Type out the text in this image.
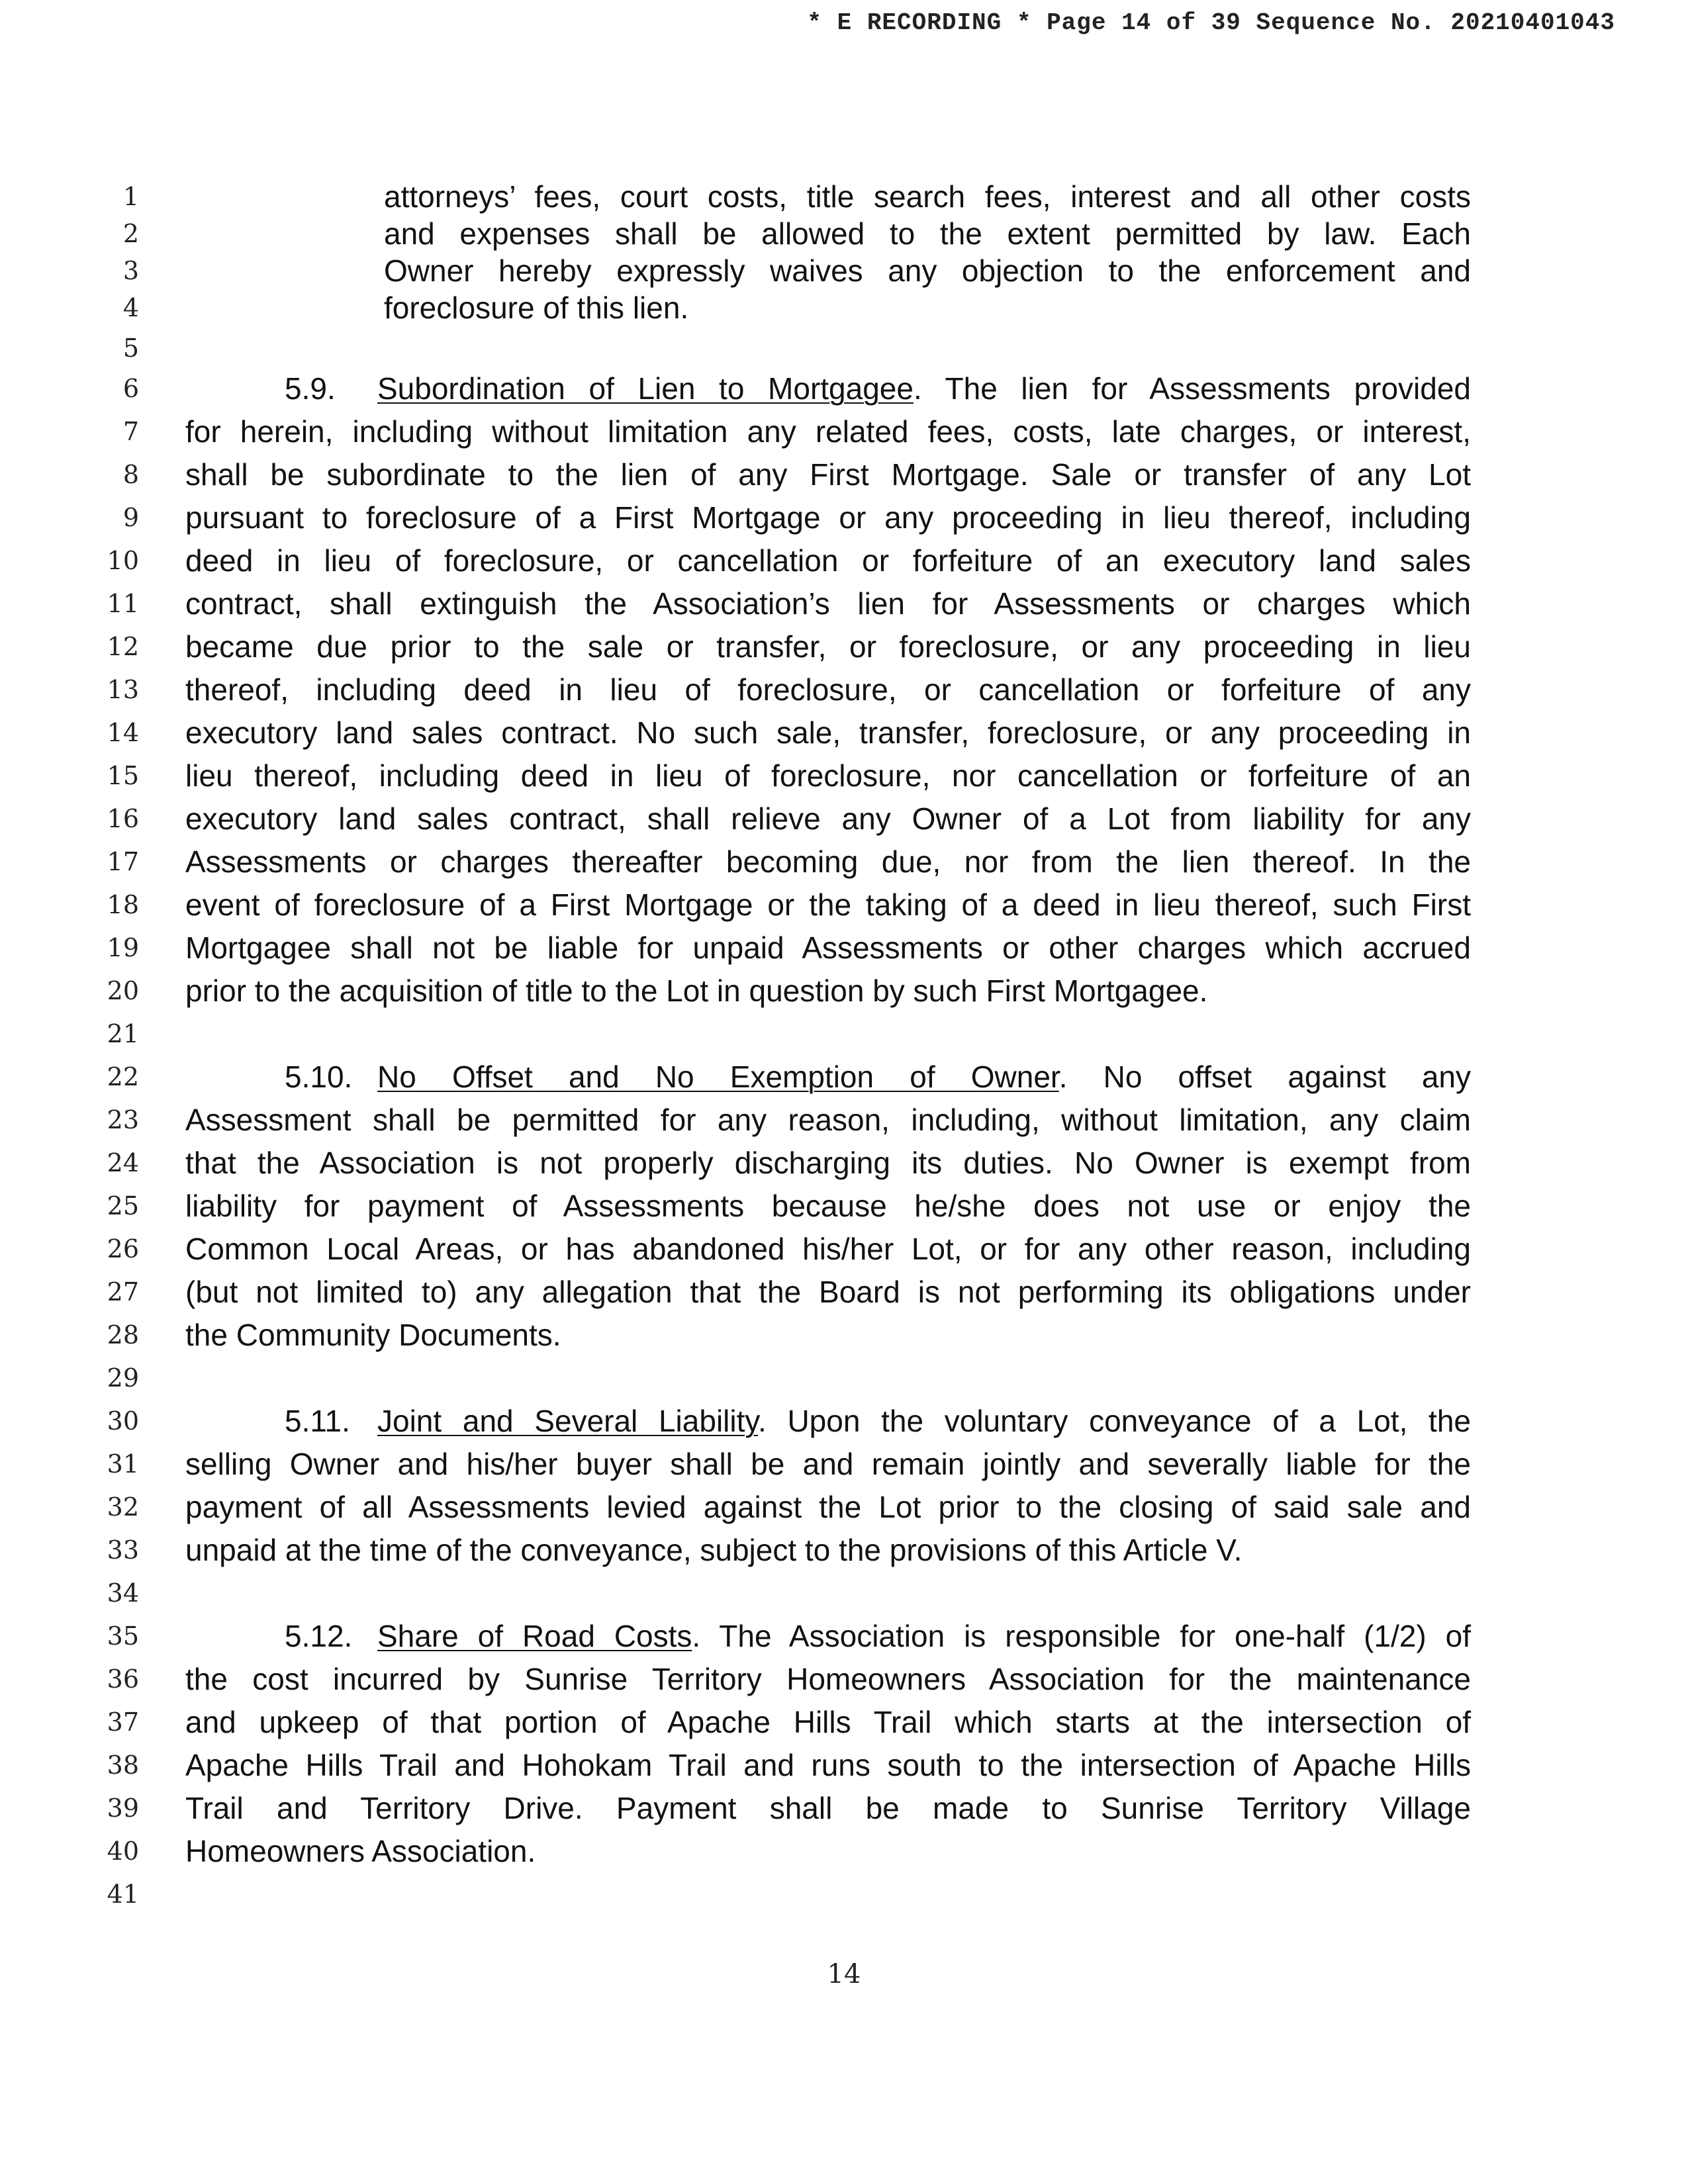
* E RECORDING * Page 14 of 39 Sequence No. 20210401043
1	attorneys’ fees, court costs, title search fees, interest and all other costs
2	and expenses shall be allowed to the extent permitted by law. Each
3	Owner hereby expressly waives any objection to the enforcement and
4	foreclosure of this lien.
5
6	5.9. Subordination of Lien to Mortgagee. The lien for Assessments provided
7 for herein, including without limitation any related fees, costs, late charges, or interest,
8 shall be subordinate to the lien of any First Mortgage. Sale or transfer of any Lot
9 pursuant to foreclosure of a First Mortgage or any proceeding in lieu thereof, including
10 deed in lieu of foreclosure, or cancellation or forfeiture of an executory land sales
11 contract, shall extinguish the Association’s lien for Assessments or charges which
12 became due prior to the sale or transfer, or foreclosure, or any proceeding in lieu
13 thereof, including deed in lieu of foreclosure, or cancellation or forfeiture of any
14 executory land sales contract. No such sale, transfer, foreclosure, or any proceeding in
15 lieu thereof, including deed in lieu of foreclosure, nor cancellation or forfeiture of an
16 executory land sales contract, shall relieve any Owner of a Lot from liability for any
17 Assessments or charges thereafter becoming due, nor from the lien thereof. In the
18 event of foreclosure of a First Mortgage or the taking of a deed in lieu thereof, such First
19 Mortgagee shall not be liable for unpaid Assessments or other charges which accrued
20 prior to the acquisition of title to the Lot in question by such First Mortgagee.
21
22	5.10. No Offset and No Exemption of Owner. No offset against any
23 Assessment shall be permitted for any reason, including, without limitation, any claim
24 that the Association is not properly discharging its duties. No Owner is exempt from
25 liability for payment of Assessments because he/she does not use or enjoy the
26 Common Local Areas, or has abandoned his/her Lot, or for any other reason, including
27 (but not limited to) any allegation that the Board is not performing its obligations under
28 the Community Documents.
29
30	5.11. Joint and Several Liability. Upon the voluntary conveyance of a Lot, the
31 selling Owner and his/her buyer shall be and remain jointly and severally liable for the
32 payment of all Assessments levied against the Lot prior to the closing of said sale and
33 unpaid at the time of the conveyance, subject to the provisions of this Article V.
34
35	5.12. Share of Road Costs. The Association is responsible for one-half (1/2) of
36 the cost incurred by Sunrise Territory Homeowners Association for the maintenance
37 and upkeep of that portion of Apache Hills Trail which starts at the intersection of
38 Apache Hills Trail and Hohokam Trail and runs south to the intersection of Apache Hills
39 Trail and Territory Drive. Payment shall be made to Sunrise Territory Village
40 Homeowners Association.
41
14
